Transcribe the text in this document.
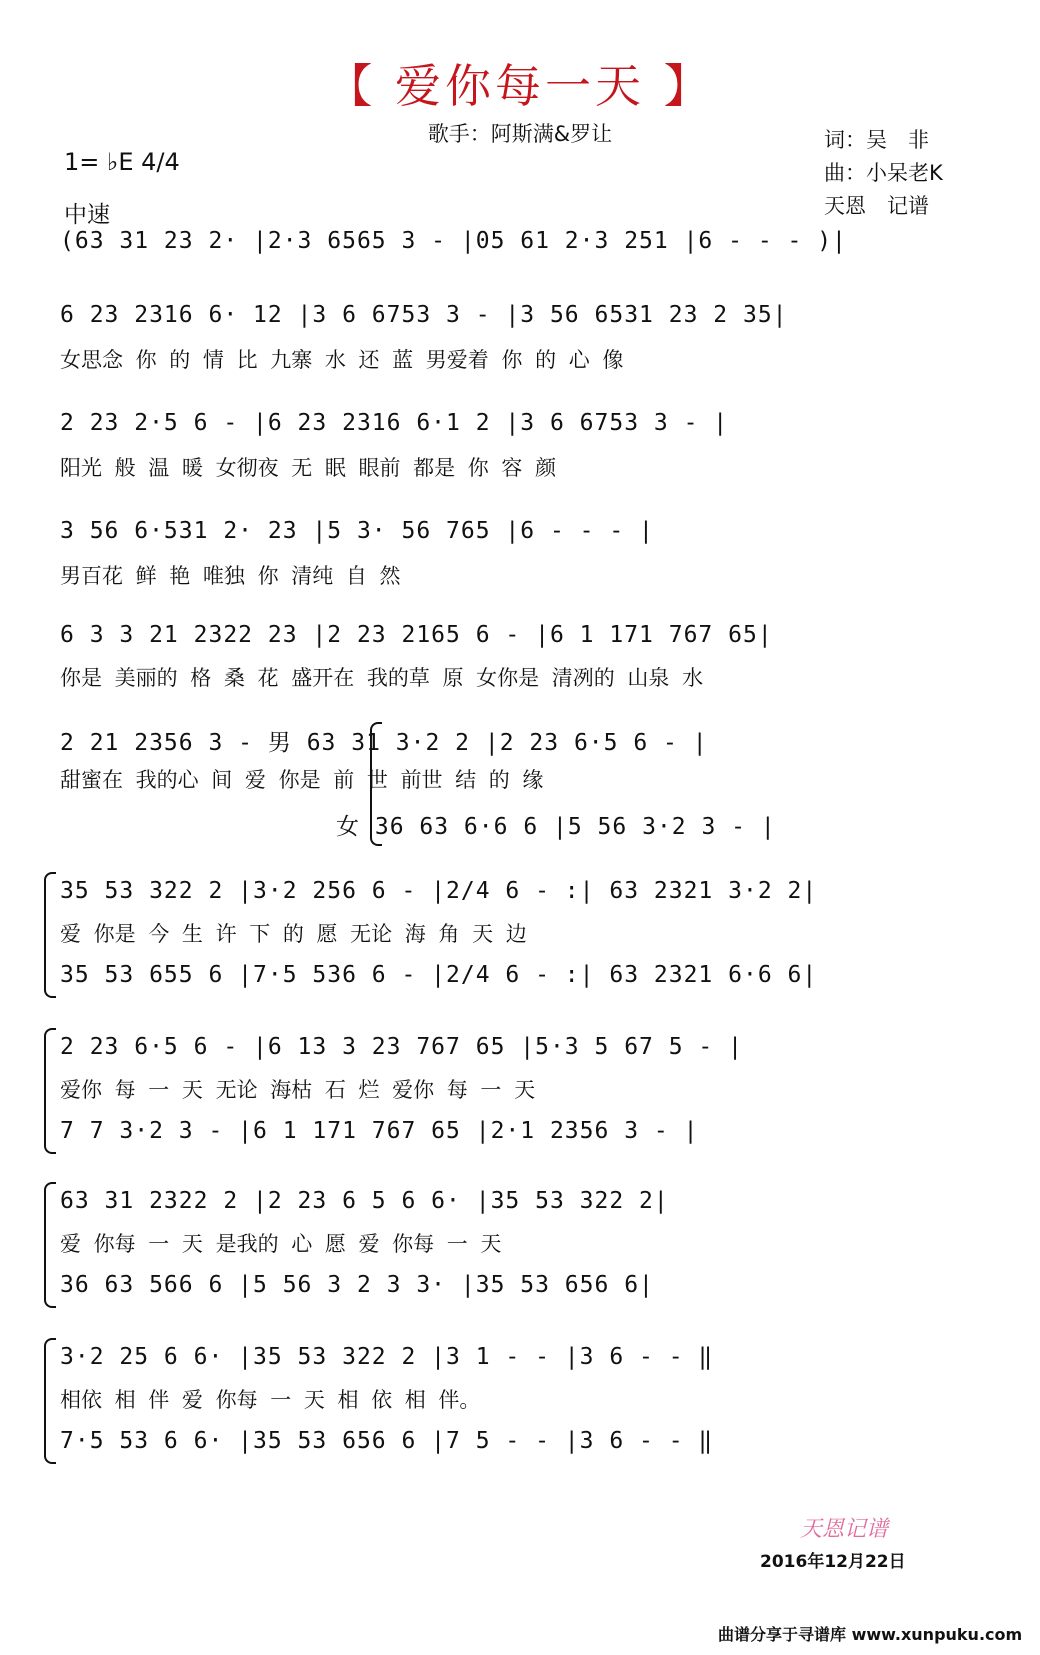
【 爱你每一天 】
歌手：阿斯满&罗让	词：吴　非
曲：小呆老K
天恩　记谱
1= ♭E 4/4
中速
(63 31 23 2· |2·3 6565 3 - |05 61 2·3 251 |6 - - - )|
6 23 2316 6· 12 |3 6 6753 3 - |3 56 6531 23 2 35|
女思念 你 的 情 比 九寨 水 还 蓝 男爱着 你 的 心 像
2 23 2·5 6 - |6 23 2316 6·1 2 |3 6 6753 3 - |
阳光 般 温 暖 女彻夜 无 眠 眼前 都是 你 容 颜
3 56 6·531 2· 23 |5 3· 56 765 |6 - - - |
男百花 鲜 艳 唯独 你 清纯 自 然
6 3 3 21 2322 23 |2 23 2165 6 - |6 1 171 767 65|
你是 美丽的 格 桑 花 盛开在 我的草 原 女你是 清冽的 山泉 水
2 21 2356 3 - 男 63 31 3·2 2 |2 23 6·5 6 - |
甜蜜在 我的心 间 爱 你是 前 世 前世 结 的 缘
女 36 63 6·6 6 |5 56 3·2 3 - |
35 53 322 2 |3·2 256 6 - |2/4 6 - :| 63 2321 3·2 2|
爱 你是 今 生 许 下 的 愿 无论 海 角 天 边
35 53 655 6 |7·5 536 6 - |2/4 6 - :| 63 2321 6·6 6|
2 23 6·5 6 - |6 13 3 23 767 65 |5·3 5 67 5 - |
爱你 每 一 天 无论 海枯 石 烂 爱你 每 一 天
7 7 3·2 3 - |6 1 171 767 65 |2·1 2356 3 - |
63 31 2322 2 |2 23 6 5 6 6· |35 53 322 2|
爱 你每 一 天 是我的 心 愿 爱 你每 一 天
36 63 566 6 |5 56 3 2 3 3· |35 53 656 6|
3·2 25 6 6· |35 53 322 2 |3 1 - - |3 6 - - ‖
相依 相 伴 爱 你每 一 天 相 依 相 伴。
7·5 53 6 6· |35 53 656 6 |7 5 - - |3 6 - - ‖
天恩记谱
2016年12月22日
曲谱分享于寻谱库 www.xunpuku.com
